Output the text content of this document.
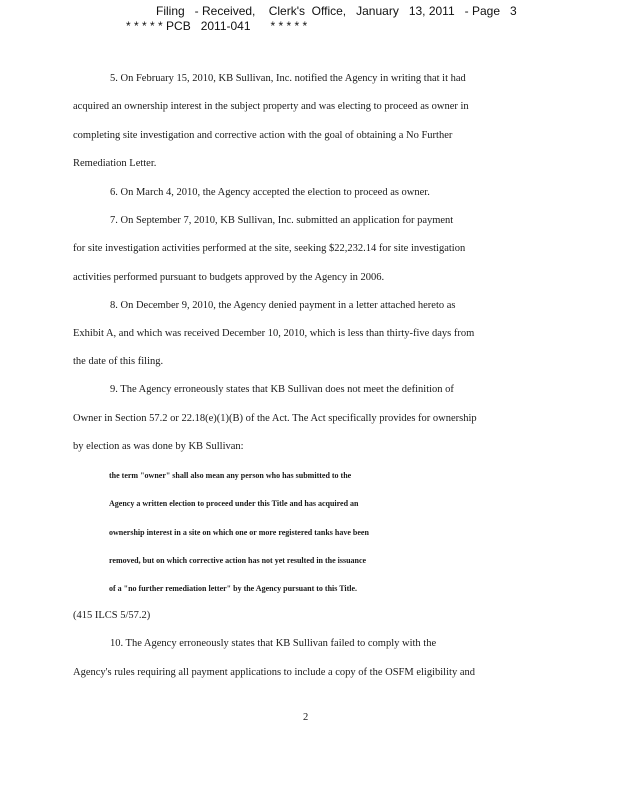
Filing   - Received,    Clerk's  Office,   January   13, 2011   - Page   3
* * * * * PCB   2011-041      * * * * *
5. On February 15, 2010, KB Sullivan, Inc. notified the Agency in writing that it had
acquired an ownership interest in the subject property and was electing to proceed as owner in
completing site investigation and corrective action with the goal of obtaining a No Further
Remediation Letter.
6. On March 4, 2010, the Agency accepted the election to proceed as owner.
7. On September 7, 2010, KB Sullivan, Inc. submitted an application for payment
for site investigation activities performed at the site, seeking $22,232.14 for site investigation
activities performed pursuant to budgets approved by the Agency in 2006.
8. On December 9, 2010, the Agency denied payment in a letter attached hereto as
Exhibit A, and which was received December 10, 2010, which is less than thirty-five days from
the date of this filing.
9. The Agency erroneously states that KB Sullivan does not meet the definition of
Owner in Section 57.2 or 22.18(e)(1)(B) of the Act. The Act specifically provides for ownership
by election as was done by KB Sullivan:
the term "owner" shall also mean any person who has submitted to the
Agency a written election to proceed under this Title and has acquired an
ownership interest in a site on which one or more registered tanks have been
removed, but on which corrective action has not yet resulted in the issuance
of a "no further remediation letter" by the Agency pursuant to this Title.
(415 ILCS 5/57.2)
10. The Agency erroneously states that KB Sullivan failed to comply with the
Agency's rules requiring all payment applications to include a copy of the OSFM eligibility and
2
